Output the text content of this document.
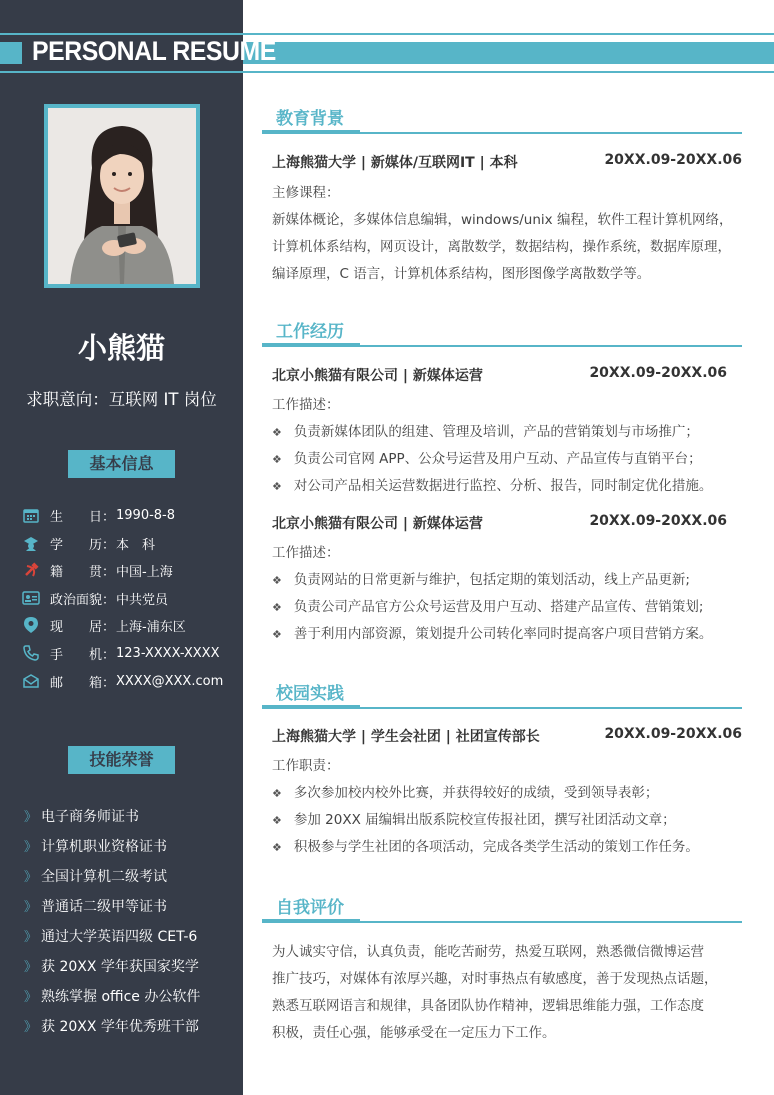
PERSONAL RESUME
小熊猫
求职意向：互联网 IT 岗位
基本信息
生　　日： 1990-8-8
学　　历： 本　科
籍　　贯： 中国-上海
政治面貌： 中共党员
现　　居： 上海-浦东区
手　　机： 123-XXXX-XXXX
邮　　箱： XXXX@XXX.com
技能荣誉
》 电子商务师证书
》 计算机职业资格证书
》 全国计算机二级考试
》 普通话二级甲等证书
》 通过大学英语四级 CET-6
》 获 20XX 学年获国家奖学
》 熟练掌握 office 办公软件
》 获 20XX 学年优秀班干部
教育背景
上海熊猫大学 | 新媒体/互联网IT | 本科	20XX.09-20XX.06
主修课程：
新媒体概论，多媒体信息编辑，windows/unix 编程，软件工程计算机网络，
计算机体系结构，网页设计，离散数学，数据结构，操作系统，数据库原理，
编译原理，C 语言，计算机体系结构，图形图像学离散数学等。
工作经历
北京小熊猫有限公司 | 新媒体运营	20XX.09-20XX.06
工作描述：
❖ 负责新媒体团队的组建、管理及培训，产品的营销策划与市场推广；
❖ 负责公司官网 APP、公众号运营及用户互动、产品宣传与直销平台；
❖ 对公司产品相关运营数据进行监控、分析、报告，同时制定优化措施。
北京小熊猫有限公司 | 新媒体运营	20XX.09-20XX.06
工作描述：
❖ 负责网站的日常更新与维护，包括定期的策划活动，线上产品更新;
❖ 负责公司产品官方公众号运营及用户互动、搭建产品宣传、营销策划;
❖ 善于利用内部资源，策划提升公司转化率同时提高客户项目营销方案。
校园实践
上海熊猫大学 | 学生会社团 | 社团宣传部长	20XX.09-20XX.06
工作职责：
❖ 多次参加校内校外比赛，并获得较好的成绩，受到领导表彰；
❖ 参加 20XX 届编辑出版系院校宣传报社团，撰写社团活动文章；
❖ 积极参与学生社团的各项活动，完成各类学生活动的策划工作任务。
自我评价
为人诚实守信，认真负责，能吃苦耐劳，热爱互联网，熟悉微信微博运营
推广技巧，对媒体有浓厚兴趣，对时事热点有敏感度，善于发现热点话题，
熟悉互联网语言和规律，具备团队协作精神，逻辑思维能力强，工作态度
积极，责任心强，能够承受在一定压力下工作。
